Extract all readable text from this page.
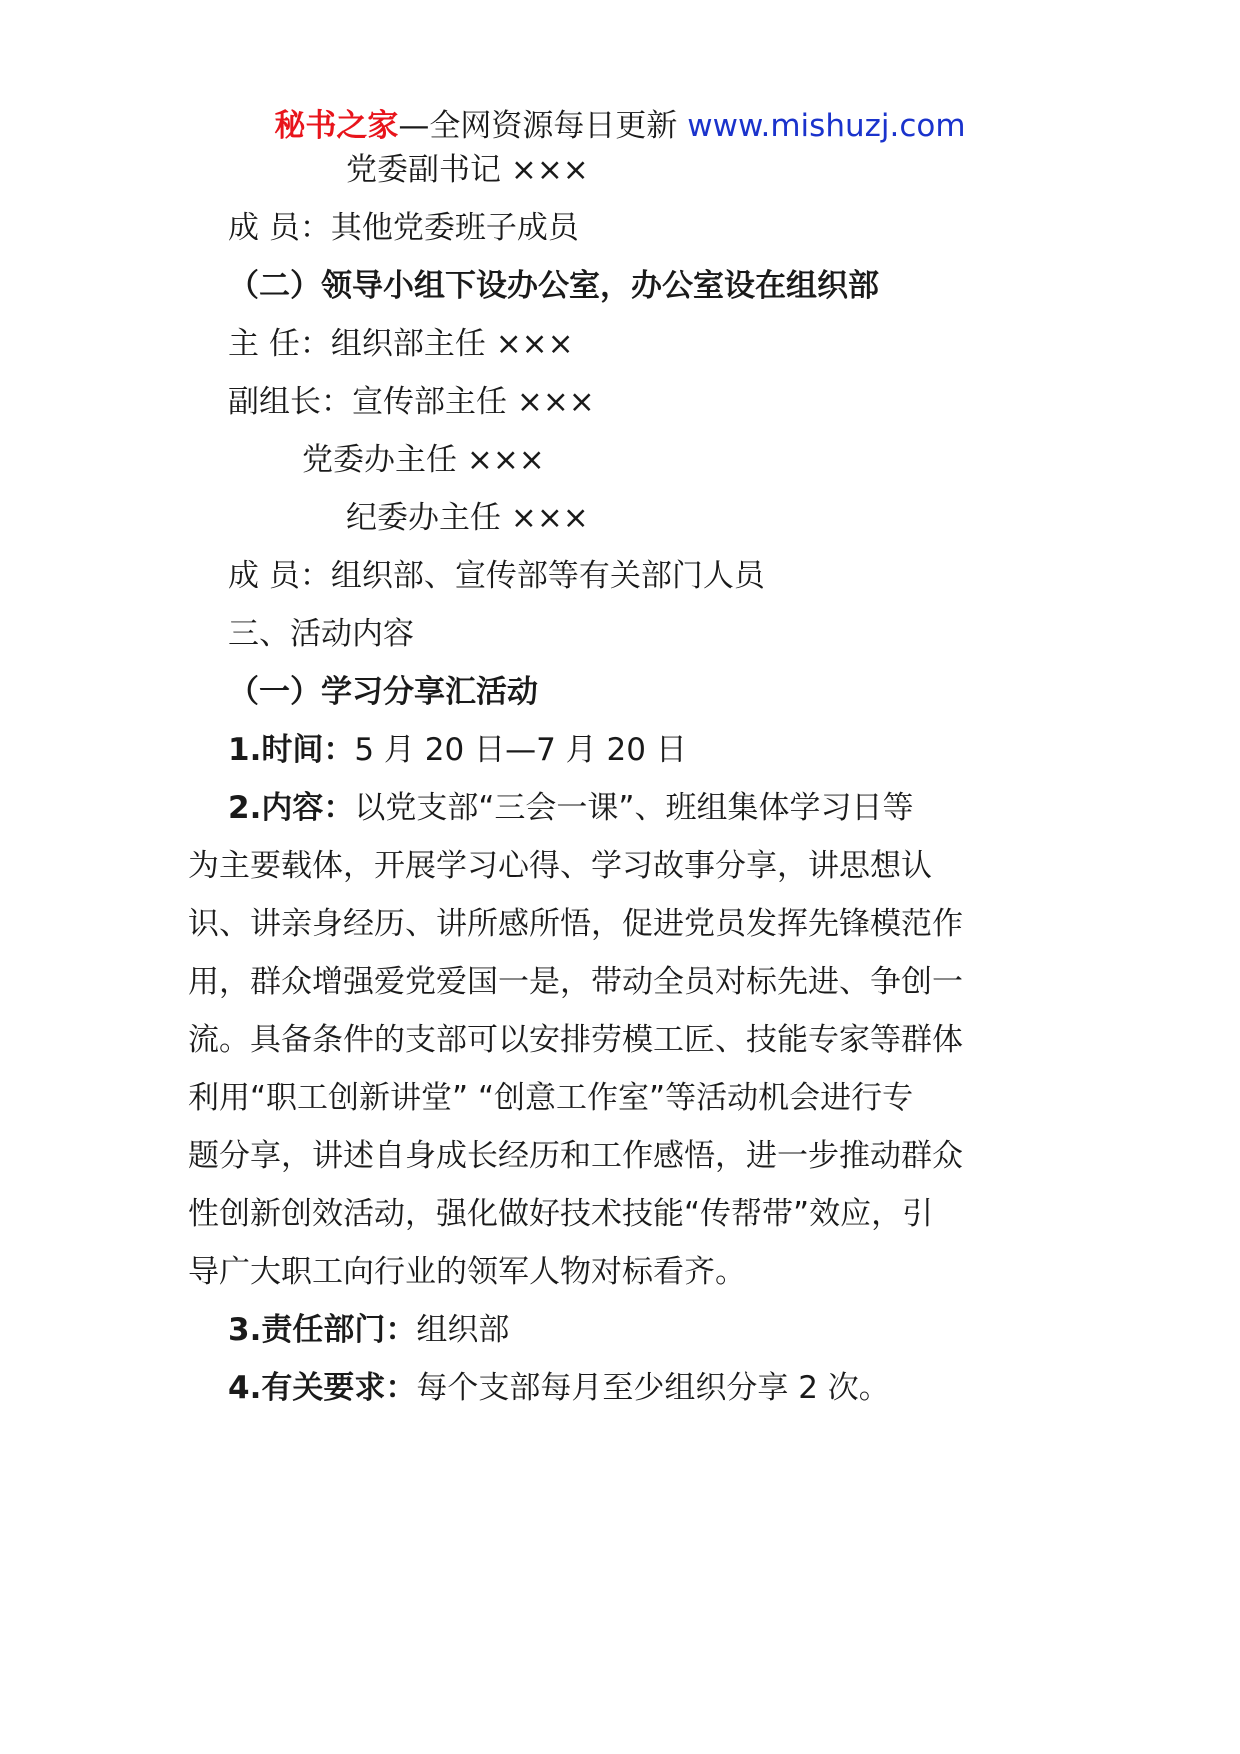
秘书之家—全网资源每日更新 www.mishuzj.com
党委副书记 ×××
成 员：其他党委班子成员
（二）领导小组下设办公室，办公室设在组织部
主 任：组织部主任 ×××
副组长：宣传部主任 ×××
党委办主任 ×××
纪委办主任 ×××
成 员：组织部、宣传部等有关部门人员
三、活动内容
（一）学习分享汇活动
1.时间：5 月 20 日—7 月 20 日
2.内容：以党支部“三会一课”、班组集体学习日等
为主要载体，开展学习心得、学习故事分享，讲思想认
识、讲亲身经历、讲所感所悟，促进党员发挥先锋模范作
用，群众增强爱党爱国一是，带动全员对标先进、争创一
流。具备条件的支部可以安排劳模工匠、技能专家等群体
利用“职工创新讲堂” “创意工作室”等活动机会进行专
题分享，讲述自身成长经历和工作感悟，进一步推动群众
性创新创效活动，强化做好技术技能“传帮带”效应，引
导广大职工向行业的领军人物对标看齐。
3.责任部门：组织部
4.有关要求：每个支部每月至少组织分享 2 次。
